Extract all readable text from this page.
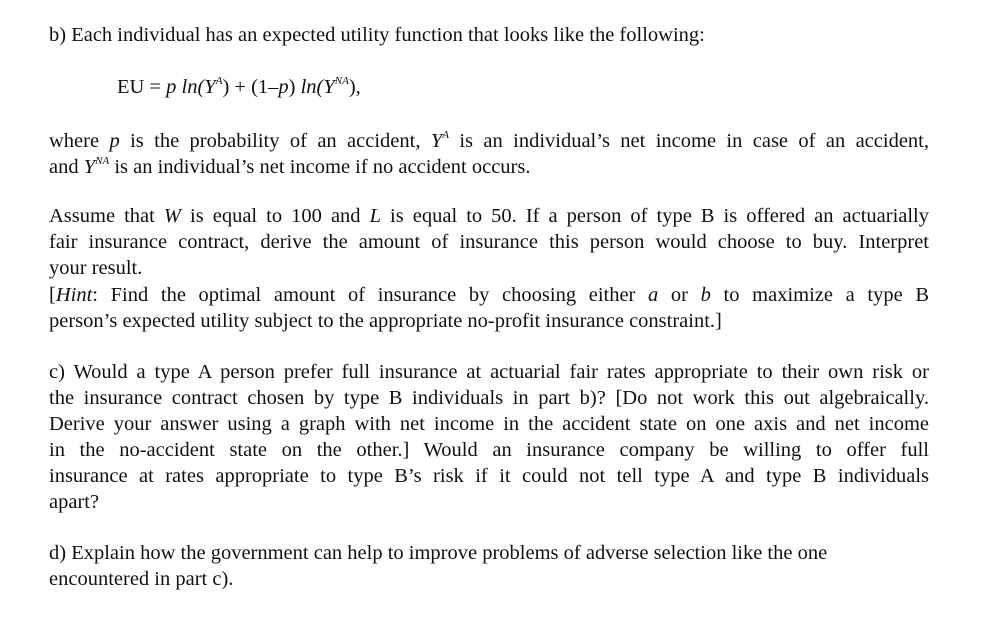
b) Each individual has an expected utility function that looks like the following:
EU = p $\ln(Y^A) + (1-p)$ $\ln(Y^{NA})$,
where p is the probability of an accident, $Y^A$ is an individual’s net income in case of an accident,
and $Y^{NA}$ is an individual’s net income if no accident occurs.
Assume that W is equal to 100 and L is equal to 50. If a person of type B is offered an actuarially
fair insurance contract, derive the amount of insurance this person would choose to buy. Interpret
your result.
[Hint: Find the optimal amount of insurance by choosing either a or b to maximize a type B
person’s expected utility subject to the appropriate no-profit insurance constraint.]
c) Would a type A person prefer full insurance at actuarial fair rates appropriate to their own risk or
the insurance contract chosen by type B individuals in part b)? [Do not work this out algebraically.
Derive your answer using a graph with net income in the accident state on one axis and net income
in the no-accident state on the other.] Would an insurance company be willing to offer full
insurance at rates appropriate to type B’s risk if it could not tell type A and type B individuals
apart?
d) Explain how the government can help to improve problems of adverse selection like the one
encountered in part c).
